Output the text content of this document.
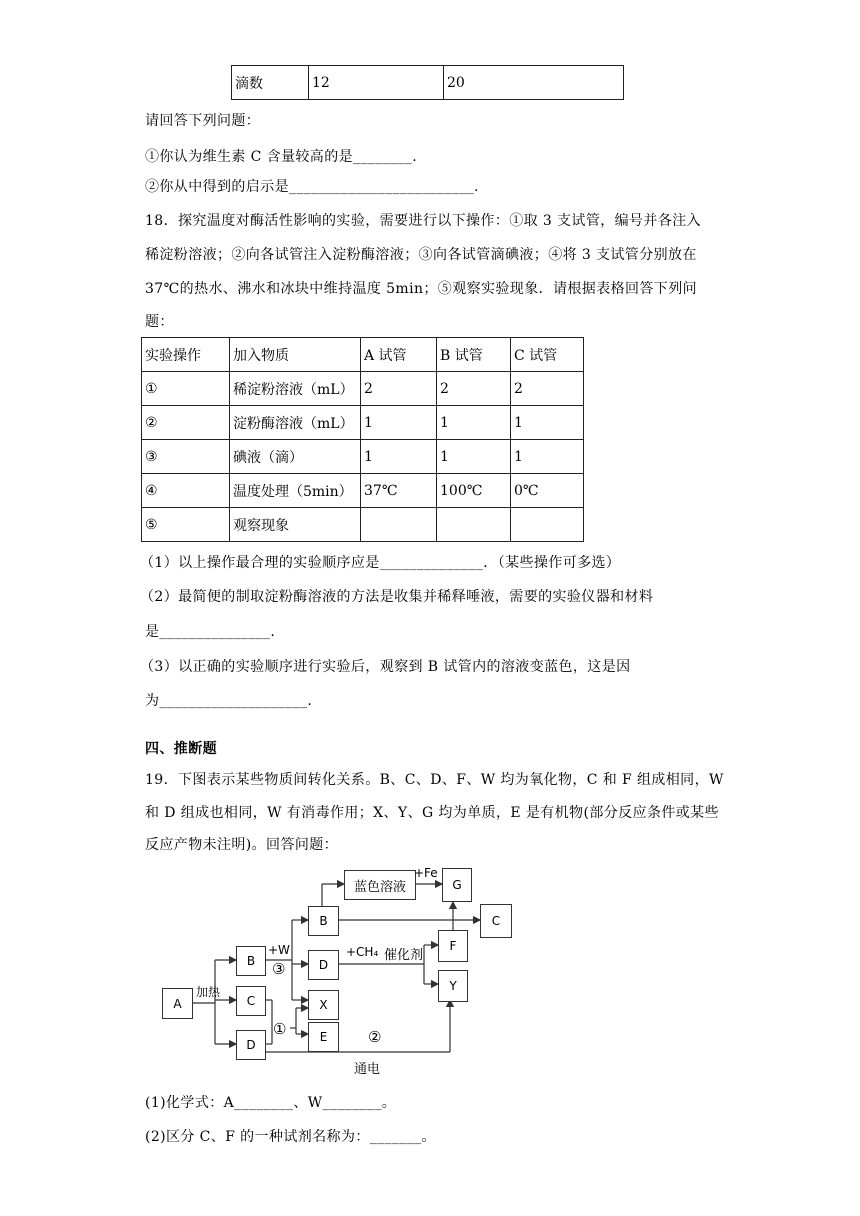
滴数	12	20
请回答下列问题：
①你认为维生素 C 含量较高的是________.
②你从中得到的启示是_________________________.
18．探究温度对酶活性影响的实验，需要进行以下操作：①取 3 支试管，编号并各注入
稀淀粉溶液；②向各试管注入淀粉酶溶液；③向各试管滴碘液；④将 3 支试管分别放在
37℃的热水、沸水和冰块中维持温度 5min；⑤观察实验现象．请根据表格回答下列问
题：
实验操作	加入物质	A 试管	B 试管	C 试管
①	稀淀粉溶液（mL）	2	2	2
②	淀粉酶溶液（mL）	1	1	1
③	碘液（滴）	1	1	1
④	温度处理（5min）	37℃	100℃	0℃
⑤	观察现象			
（1）以上操作最合理的实验顺序应是______________．（某些操作可多选）
（2）最简便的制取淀粉酶溶液的方法是收集并稀释唾液，需要的实验仪器和材料
是_______________.
（3）以正确的实验顺序进行实验后，观察到 B 试管内的溶液变蓝色，这是因
为____________________.
四、推断题
19．下图表示某些物质间转化关系。B、C、D、F、W 均为氧化物，C 和 F 组成相同，W
和 D 组成也相同，W 有消毒作用；X、Y、G 均为单质，E 是有机物(部分反应条件或某些
反应产物未注明)。回答问题：
A
B
C
D
B
D
X
E
蓝色溶液	G
C
F
Y
加热
+W
③
①	②
通电
+Fe
+CH₄ 催化剂
(1)化学式：A________、W________。
(2)区分 C、F 的一种试剂名称为：_______。
